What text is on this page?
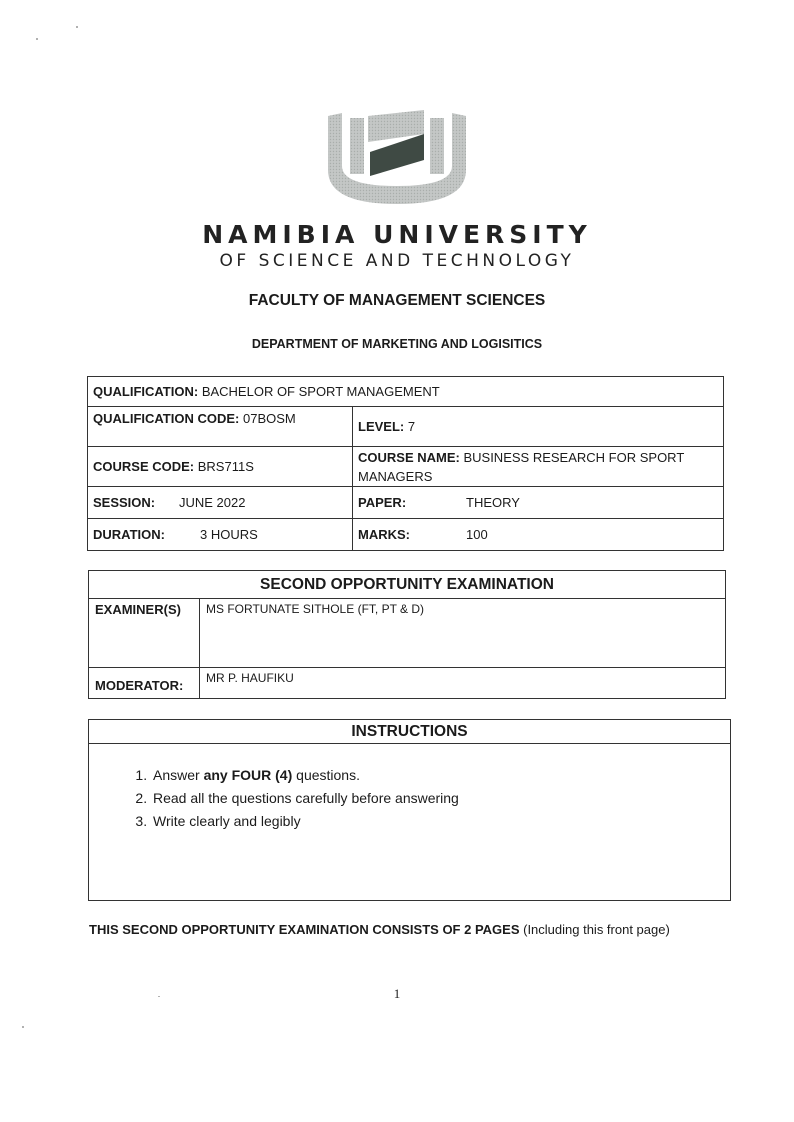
NAMIBIA UNIVERSITY
OF SCIENCE AND TECHNOLOGY
FACULTY OF MANAGEMENT SCIENCES
DEPARTMENT OF MARKETING AND LOGISITICS
QUALIFICATION: BACHELOR OF SPORT MANAGEMENT	
QUALIFICATION CODE: 07BOSM	LEVEL: 7
COURSE CODE: BRS711S	COURSE NAME: BUSINESS RESEARCH FOR SPORT MANAGERS
SESSION: JUNE 2022	PAPER: THEORY
DURATION: 3 HOURS	MARKS: 100
SECOND OPPORTUNITY EXAMINATION	
EXAMINER(S)	MS FORTUNATE SITHOLE (FT, PT & D)
MODERATOR:	MR P. HAUFIKU
INSTRUCTIONS

1. Answer any FOUR (4) questions.
2. Read all the questions carefully before answering
3. Write clearly and legibly
THIS SECOND OPPORTUNITY EXAMINATION CONSISTS OF 2 PAGES (Including this front page)
1
